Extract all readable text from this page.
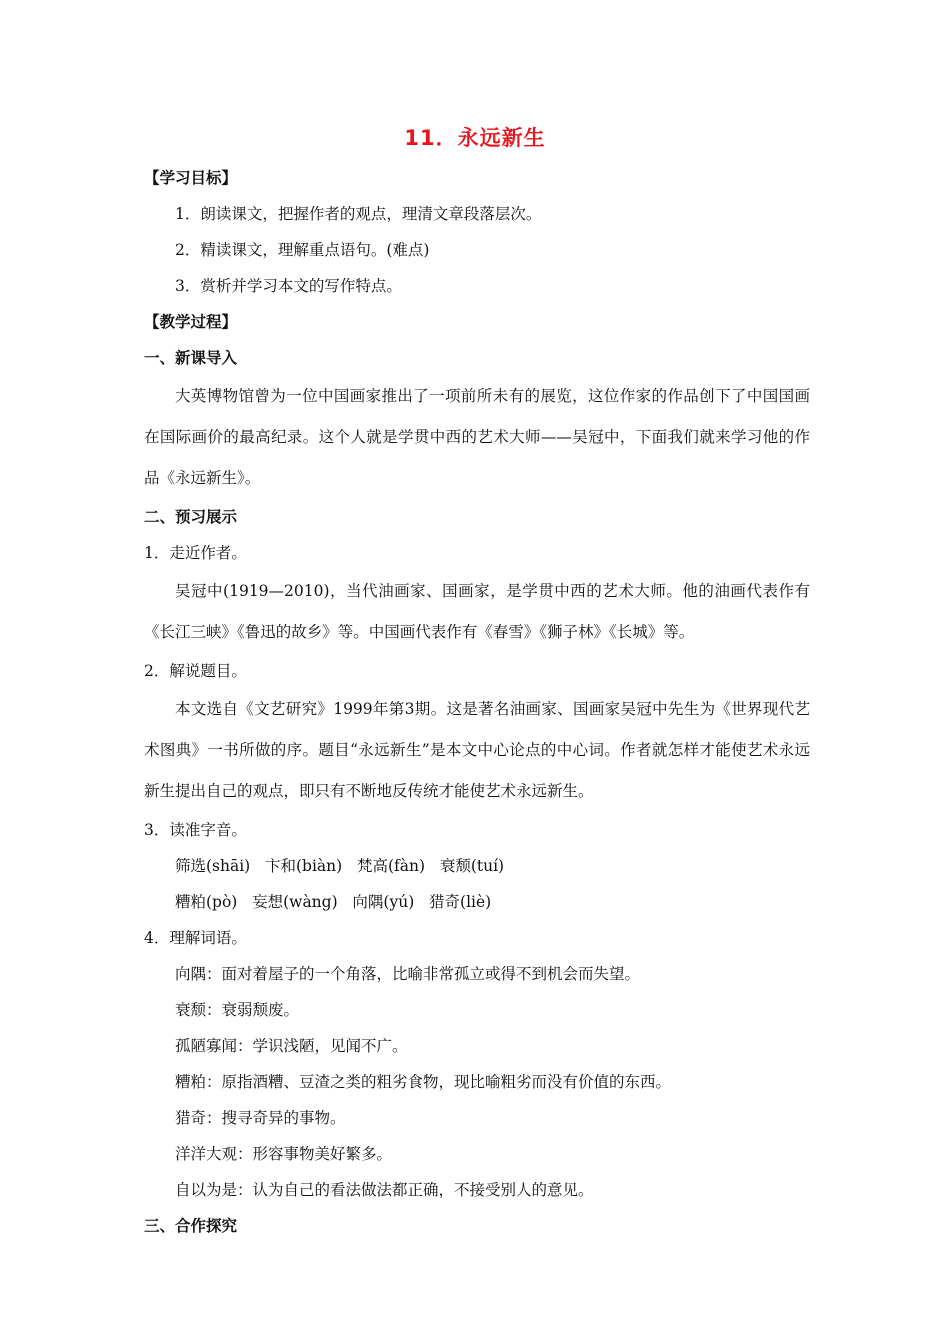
11．永远新生
【学习目标】
1．朗读课文，把握作者的观点，理清文章段落层次。
2．精读课文，理解重点语句。(难点)
3．赏析并学习本文的写作特点。
【教学过程】
一、新课导入
大英博物馆曾为一位中国画家推出了一项前所未有的展览，这位作家的作品创下了中国国画在国际画价的最高纪录。这个人就是学贯中西的艺术大师——吴冠中，下面我们就来学习他的作品《永远新生》。
二、预习展示
1．走近作者。
吴冠中(1919—2010)，当代油画家、国画家，是学贯中西的艺术大师。他的油画代表作有《长江三峡》《鲁迅的故乡》等。中国画代表作有《春雪》《狮子林》《长城》等。
2．解说题目。
本文选自《文艺研究》1999年第3期。这是著名油画家、国画家吴冠中先生为《世界现代艺术图典》一书所做的序。题目“永远新生”是本文中心论点的中心词。作者就怎样才能使艺术永远新生提出自己的观点，即只有不断地反传统才能使艺术永远新生。
3．读准字音。
筛选(shāi)   卞和(biàn)   梵高(fàn)   衰颓(tuí)
糟粕(pò)   妄想(wàng)   向隅(yú)   猎奇(liè)
4．理解词语。
向隅：面对着屋子的一个角落，比喻非常孤立或得不到机会而失望。
衰颓：衰弱颓废。
孤陋寡闻：学识浅陋，见闻不广。
糟粕：原指酒糟、豆渣之类的粗劣食物，现比喻粗劣而没有价值的东西。
猎奇：搜寻奇异的事物。
洋洋大观：形容事物美好繁多。
自以为是：认为自己的看法做法都正确，不接受别人的意见。
三、合作探究
